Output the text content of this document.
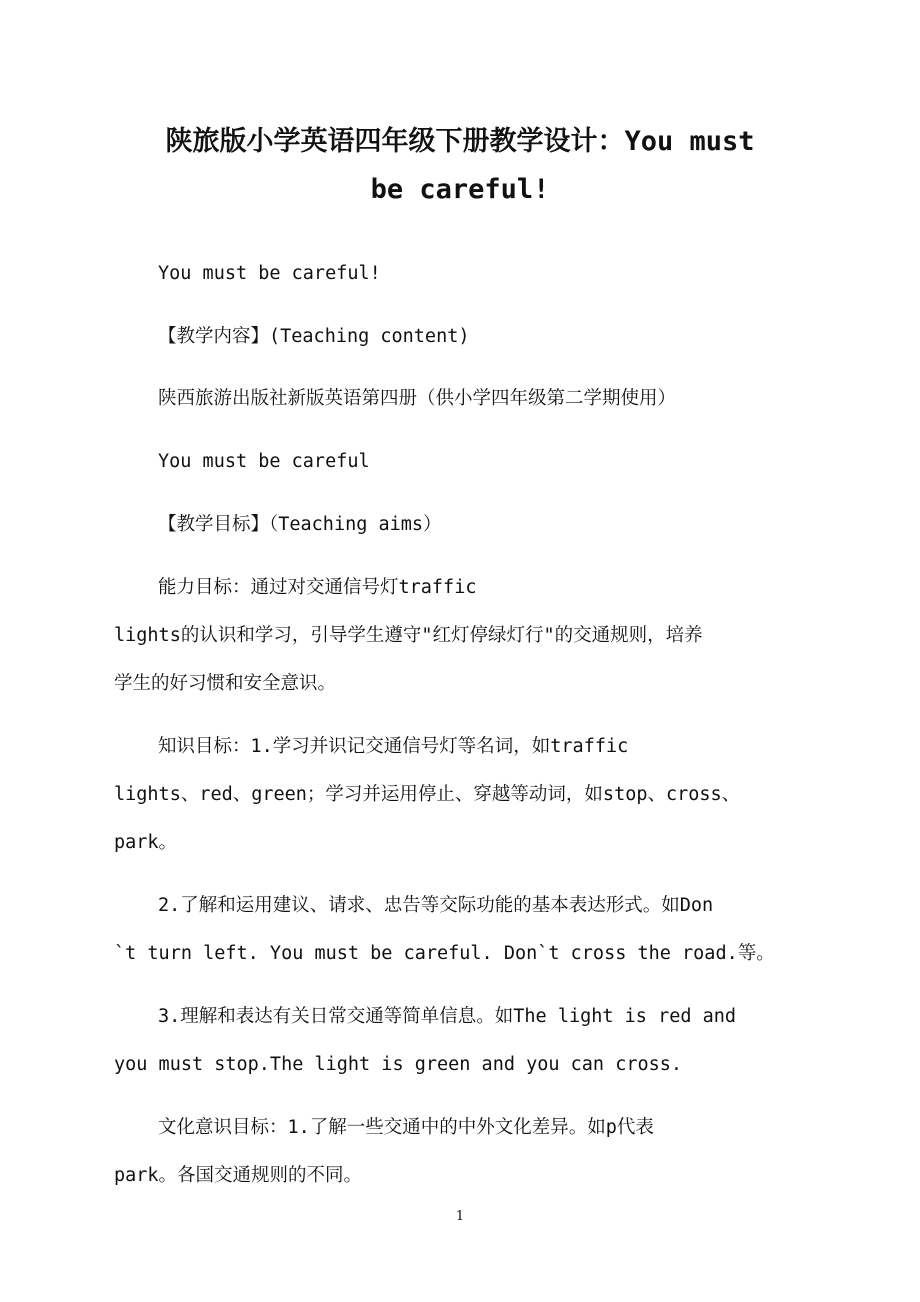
陕旅版小学英语四年级下册教学设计：You must
be careful!
You must be careful!
【教学内容】(Teaching content)
陕西旅游出版社新版英语第四册（供小学四年级第二学期使用）
You must be careful
【教学目标】（Teaching aims）
能力目标：通过对交通信号灯traffic
lights的认识和学习，引导学生遵守"红灯停绿灯行"的交通规则，培养
学生的好习惯和安全意识。
知识目标：1.学习并识记交通信号灯等名词，如traffic
lights、red、green；学习并运用停止、穿越等动词，如stop、cross、
park。
2.了解和运用建议、请求、忠告等交际功能的基本表达形式。如Don
`t turn left. You must be careful. Don`t cross the road.等。
3.理解和表达有关日常交通等简单信息。如The light is red and
you must stop.The light is green and you can cross.
文化意识目标：1.了解一些交通中的中外文化差异。如p代表
park。各国交通规则的不同。
1
